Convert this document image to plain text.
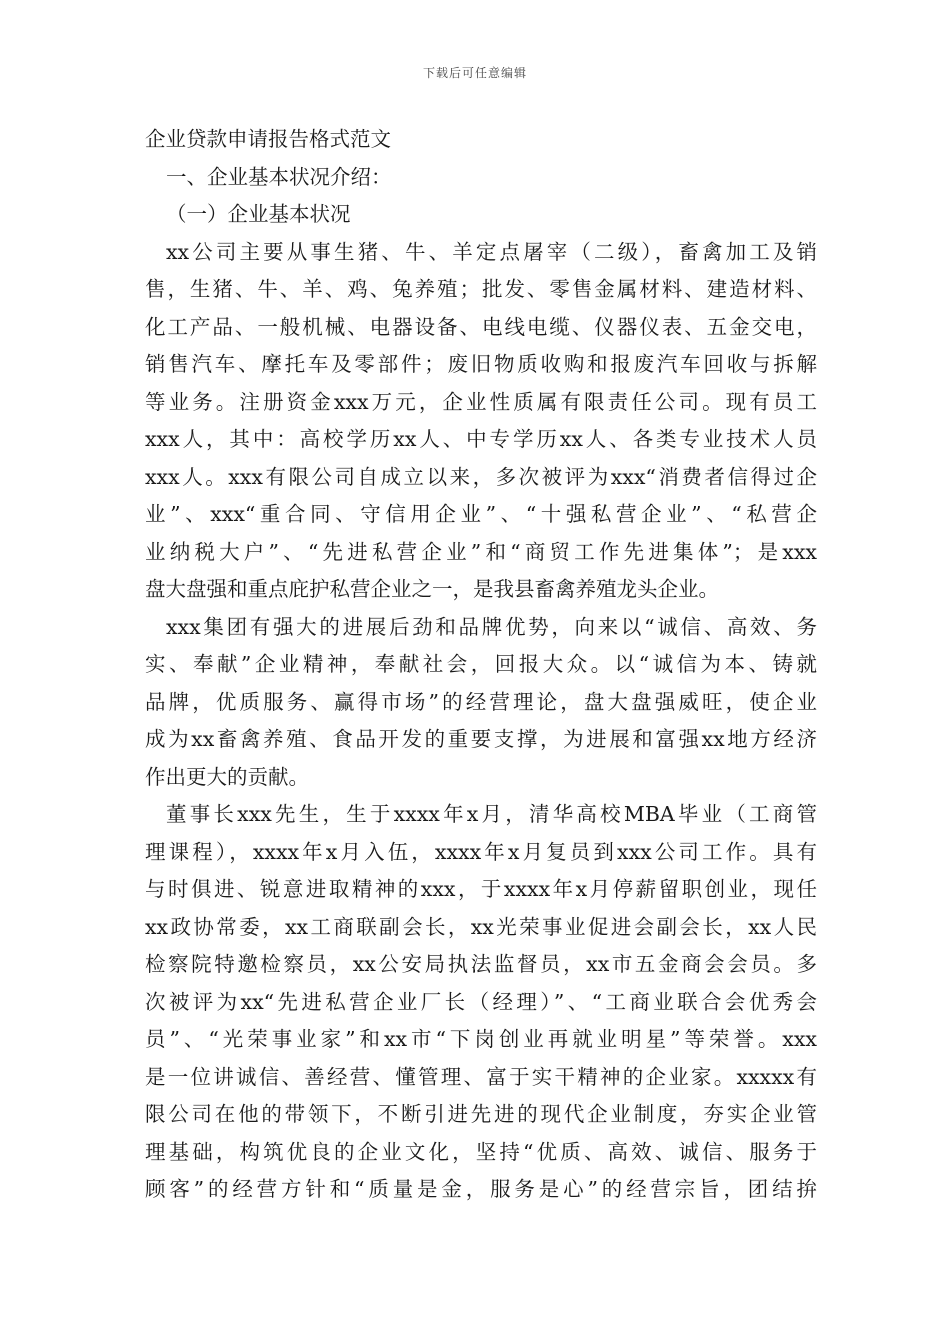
下载后可任意编辑
企业贷款申请报告格式范文
一、企业基本状况介绍：
（一）企业基本状况
xx公司主要从事生猪、牛、羊定点屠宰（二级），畜禽加工及销
售，生猪、牛、羊、鸡、兔养殖；批发、零售金属材料、建造材料、
化工产品、一般机械、电器设备、电线电缆、仪器仪表、五金交电，
销售汽车、摩托车及零部件；废旧物质收购和报废汽车回收与拆解
等业务。注册资金xxx万元，企业性质属有限责任公司。现有员工
xxx人，其中：高校学历xx人、中专学历xx人、各类专业技术人员
xxx人。xxx有限公司自成立以来，多次被评为xxx“消费者信得过企
业”、xxx“重合同、守信用企业”、“十强私营企业”、“私营企
业纳税大户”、“先进私营企业”和“商贸工作先进集体”；是xxx
盘大盘强和重点庇护私营企业之一，是我县畜禽养殖龙头企业。
xxx集团有强大的进展后劲和品牌优势，向来以“诚信、高效、务
实、奉献”企业精神，奉献社会，回报大众。以“诚信为本、铸就
品牌，优质服务、赢得市场”的经营理论，盘大盘强威旺，使企业
成为xx畜禽养殖、食品开发的重要支撑，为进展和富强xx地方经济
作出更大的贡献。
董事长xxx先生，生于xxxx年x月，清华高校MBA毕业（工商管
理课程），xxxx年x月入伍，xxxx年x月复员到xxx公司工作。具有
与时俱进、锐意进取精神的xxx，于xxxx年x月停薪留职创业，现任
xx政协常委，xx工商联副会长，xx光荣事业促进会副会长，xx人民
检察院特邀检察员，xx公安局执法监督员，xx市五金商会会员。多
次被评为xx“先进私营企业厂长（经理）”、“工商业联合会优秀会
员”、“光荣事业家”和xx市“下岗创业再就业明星”等荣誉。xxx
是一位讲诚信、善经营、懂管理、富于实干精神的企业家。xxxxx有
限公司在他的带领下，不断引进先进的现代企业制度，夯实企业管
理基础，构筑优良的企业文化，坚持“优质、高效、诚信、服务于
顾客”的经营方针和“质量是金，服务是心”的经营宗旨，团结拚
